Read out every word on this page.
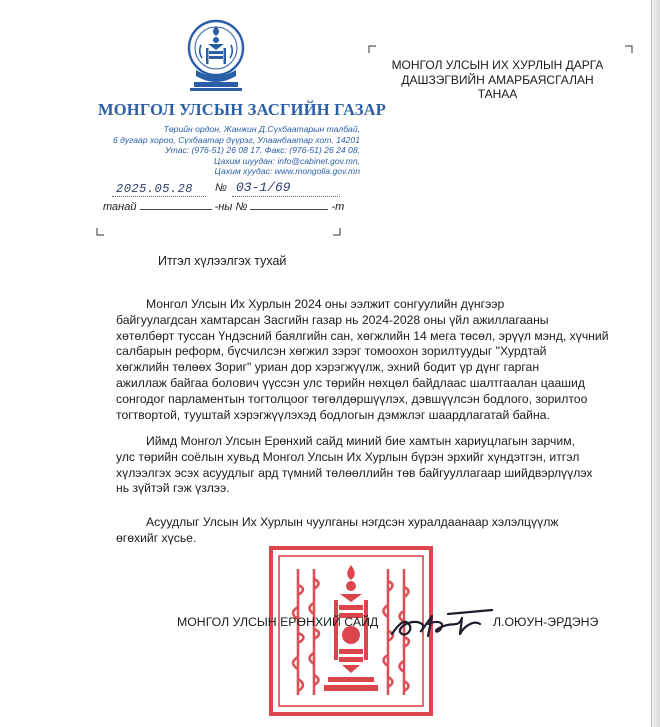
МОНГОЛ УЛСЫН ЗАСГИЙН ГАЗАР
Төрийн ордон, Жанжин Д.Сүхбаатарын талбай,
6 дугаар хороо, Сүхбаатар дүүрэг, Улаанбаатар хот, 14201
Утас: (976-51) 26 08 17, Факс: (976-51) 26 24 08,
Цахим шуудан: info@cabinet.gov.mn,
Цахим хуудас: www.mongolia.gov.mn
2025.05.28 № 03-1/69
танай	-ны №	-т
МОНГОЛ УЛСЫН ИХ ХУРЛЫН ДАРГА
ДАШЗЭГВИЙН АМАРБАЯСГАЛАН
ТАНАА
Итгэл хүлээлгэх тухай
Монгол Улсын Их Хурлын 2024 оны ээлжит сонгуулийн дүнгээр
байгуулагдсан хамтарсан Засгийн газар нь 2024-2028 оны үйл ажиллагааны
хөтөлбөрт туссан Үндэсний баялгийн сан, хөгжлийн 14 мега төсөл, эрүүл мэнд, хүчний
салбарын реформ, бүсчилсэн хөгжил зэрэг томоохон зорилтуудыг "Хурдтай
хөгжлийн төлөөх Зориг" уриан дор хэрэгжүүлж, эхний бодит үр дүнг гарган
ажиллаж байгаа болович үүссэн улс төрийн нөхцөл байдлаас шалтгаалан цаашид
сонгодог парламентын тогтолцоог төгөлдөршүүлэх, дэвшүүлсэн бодлого, зорилтоо
тогтвортой, тууштай хэрэгжүүлэхэд бодлогын дэмжлэг шаардлагатай байна.
Иймд Монгол Улсын Ерөнхий сайд миний бие хамтын хариуцлагын зарчим,
улс төрийн соёлын хувьд Монгол Улсын Их Хурлын бүрэн эрхийг хүндэтгэн, итгэл
хүлээлгэх эсэх асуудлыг ард түмний төлөөллийн төв байгууллагаар шийдвэрлүүлэх
нь зүйтэй гэж үзлээ.
Асуудлыг Улсын Их Хурлын чуулганы нэгдсэн хуралдаанаар хэлэлцүүлж
өгөхийг хүсье.
МОНГОЛ УЛСЫН ЕРӨНХИЙ САЙД	Л.ОЮУН-ЭРДЭНЭ
